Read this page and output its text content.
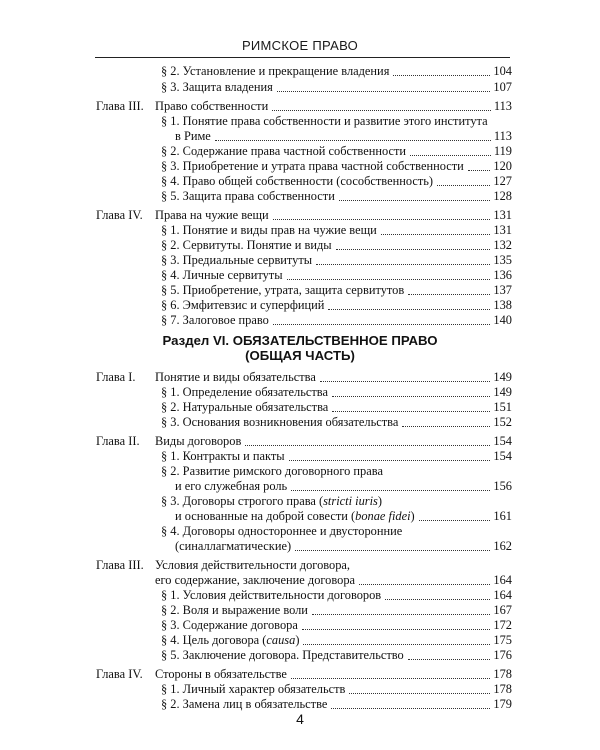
РИМСКОЕ ПРАВО
§ 2. Установление и прекращение владения	104
§ 3. Защита владения	107
Глава III. Право собственности	113
§ 1. Понятие права собственности и развитие этого института
в Риме	113
§ 2. Содержание права частной собственности	119
§ 3. Приобретение и утрата права частной собственности 120
§ 4. Право общей собственности (сособственность)	127
§ 5. Защита права собственности	128
Глава IV. Права на чужие вещи	131
§ 1. Понятие и виды прав на чужие вещи	131
§ 2. Сервитуты. Понятие и виды	132
§ 3. Предиальные сервитуты	135
§ 4. Личные сервитуты	136
§ 5. Приобретение, утрата, защита сервитутов	137
§ 6. Эмфитевзис и суперфиций	138
§ 7. Залоговое право	140
Раздел VI. ОБЯЗАТЕЛЬСТВЕННОЕ ПРАВО
(ОБЩАЯ ЧАСТЬ)
Глава I. Понятие и виды обязательства	149
§ 1. Определение обязательства	149
§ 2. Натуральные обязательства	151
§ 3. Основания возникновения обязательства	152
Глава II. Виды договоров	154
§ 1. Контракты и пакты	154
§ 2. Развитие римского договорного права
и его служебная роль	156
§ 3. Договоры строгого права (stricti iuris)
и основанные на доброй совести (bonae fidei)	161
§ 4. Договоры одностороннее и двусторонние
(синаллагматические)	162
Глава III. Условия действительности договора,
его содержание, заключение договора	164
§ 1. Условия действительности договоров	164
§ 2. Воля и выражение воли	167
§ 3. Содержание договора	172
§ 4. Цель договора (causa)	175
§ 5. Заключение договора. Представительство	176
Глава IV. Стороны в обязательстве	178
§ 1. Личный характер обязательств	178
§ 2. Замена лиц в обязательстве	179
4
